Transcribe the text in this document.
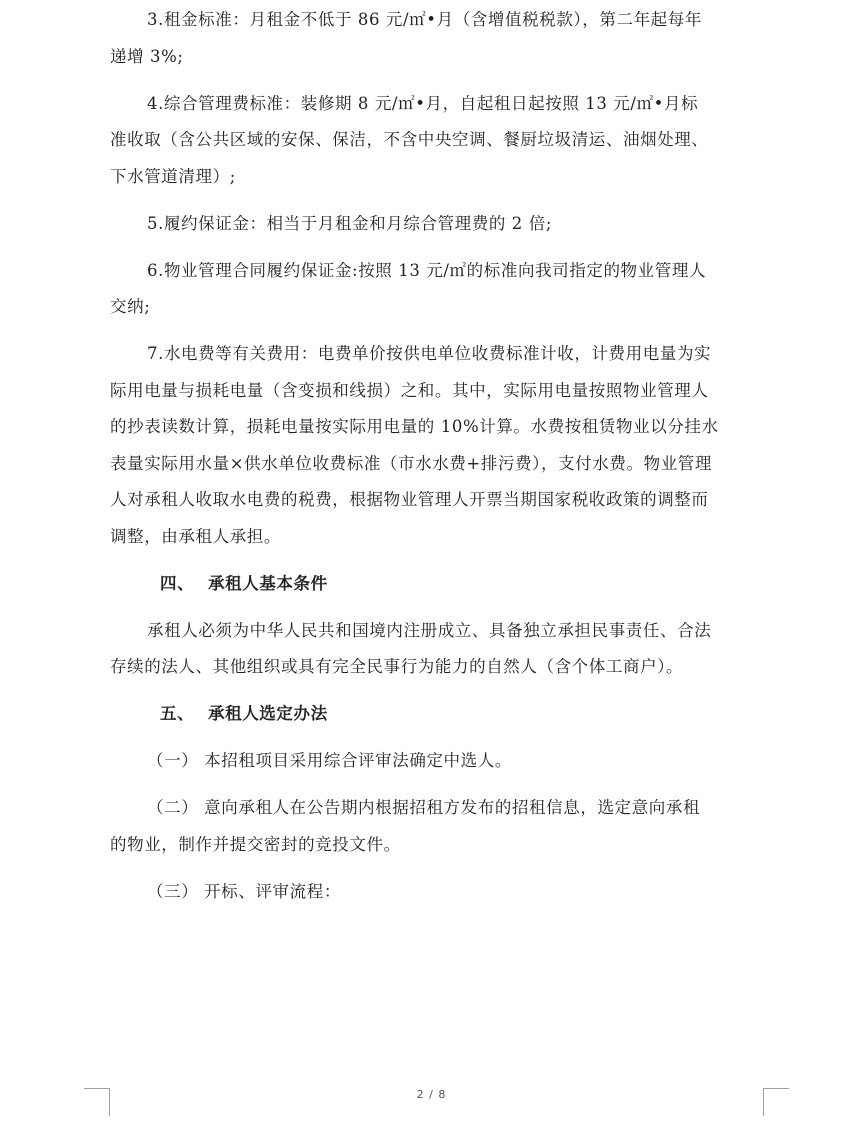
3.租金标准：月租金不低于 86 元/㎡•月（含增值税税款），第二年起每年
递增 3%;
4.综合管理费标准：装修期 8 元/㎡•月，自起租日起按照 13 元/㎡•月标
准收取（含公共区域的安保、保洁，不含中央空调、餐厨垃圾清运、油烟处理、
下水管道清理）;
5.履约保证金：相当于月租金和月综合管理费的 2 倍;
6.物业管理合同履约保证金:按照 13 元/㎡的标准向我司指定的物业管理人
交纳;
7.水电费等有关费用：电费单价按供电单位收费标准计收，计费用电量为实
际用电量与损耗电量（含变损和线损）之和。其中，实际用电量按照物业管理人
的抄表读数计算，损耗电量按实际用电量的 10%计算。水费按租赁物业以分挂水
表量实际用水量×供水单位收费标准（市水水费+排污费），支付水费。物业管理
人对承租人收取水电费的税费，根据物业管理人开票当期国家税收政策的调整而
调整，由承租人承担。
四、 承租人基本条件
承租人必须为中华人民共和国境内注册成立、具备独立承担民事责任、合法
存续的法人、其他组织或具有完全民事行为能力的自然人（含个体工商户）。
五、 承租人选定办法
（一） 本招租项目采用综合评审法确定中选人。
（二） 意向承租人在公告期内根据招租方发布的招租信息，选定意向承租
的物业，制作并提交密封的竞投文件。
（三） 开标、评审流程：
2 / 8
